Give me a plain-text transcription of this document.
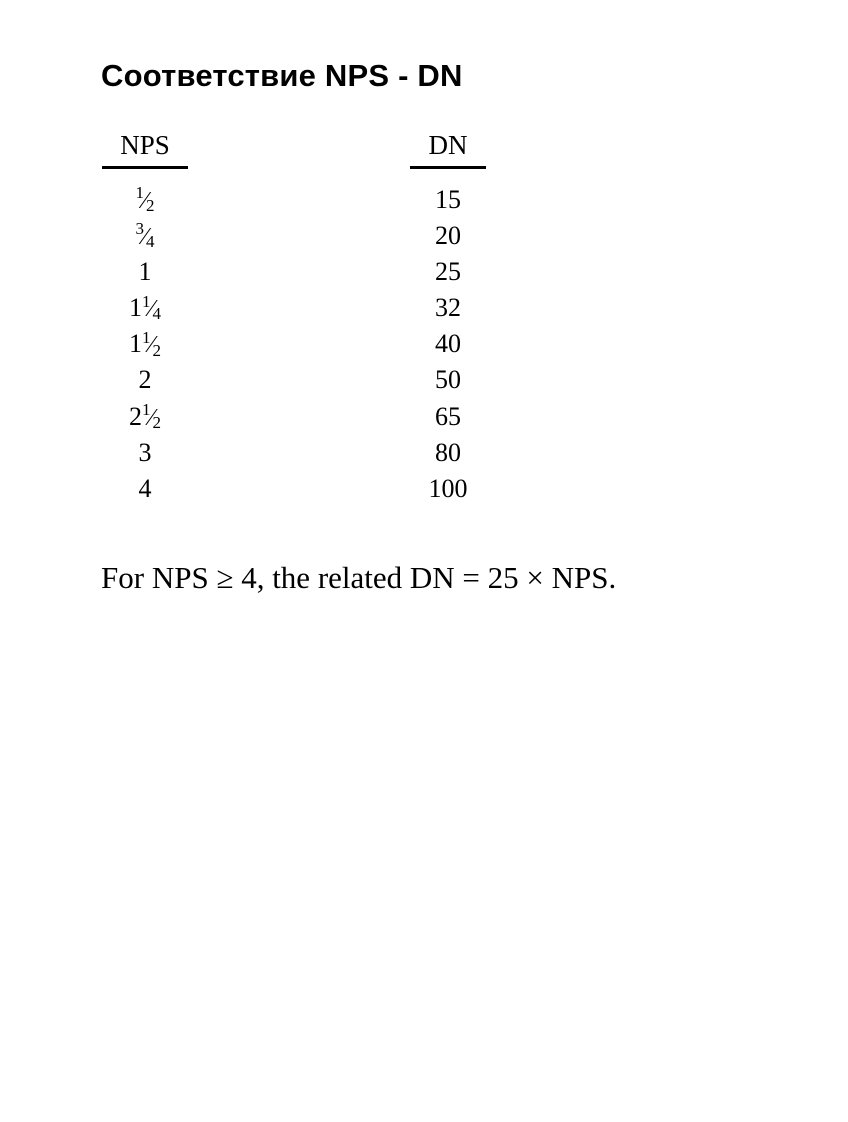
Соответствие NPS - DN
NPS
$^1$⁄2
$^3$⁄4
1
$1^1⁄4$
$1^1⁄2$
2
$2^1⁄2$
3
4
DN
15
20
25
32
40
50
65
80
100

For NPS ≥ 4, the related DN = 25 × NPS.
